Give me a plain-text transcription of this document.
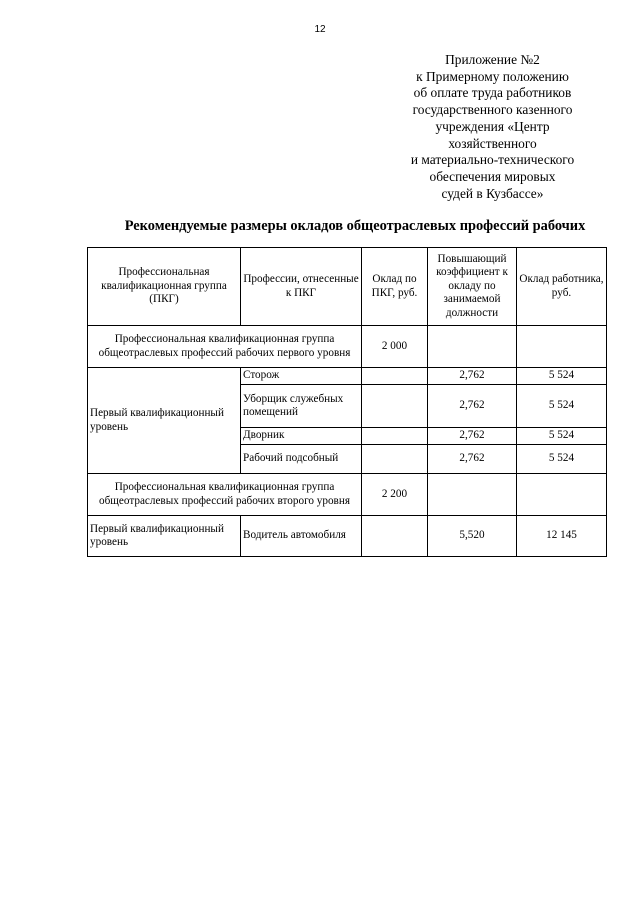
12
Приложение №2
к Примерному положению
об оплате труда работников
государственного казенного
учреждения «Центр
хозяйственного
и материально-технического
обеспечения мировых
судей в Кузбассе»
Рекомендуемые размеры окладов общеотраслевых профессий рабочих
Профессиональная квалификационная группа (ПКГ)	Профессии, отнесенные к ПКГ	Оклад по ПКГ, руб.	Повышающий коэффициент к окладу по занимаемой должности	Оклад работника, руб.
Профессиональная квалификационная группа общеотраслевых профессий рабочих первого уровня		2 000		
Первый квалификационный уровень	Сторож		2,762	5 524
	Уборщик служебных помещений		2,762	5 524
	Дворник		2,762	5 524
	Рабочий подсобный		2,762	5 524
Профессиональная квалификационная группа общеотраслевых профессий рабочих второго уровня		2 200		
Первый квалификационный уровень	Водитель автомобиля		5,520	12 145
